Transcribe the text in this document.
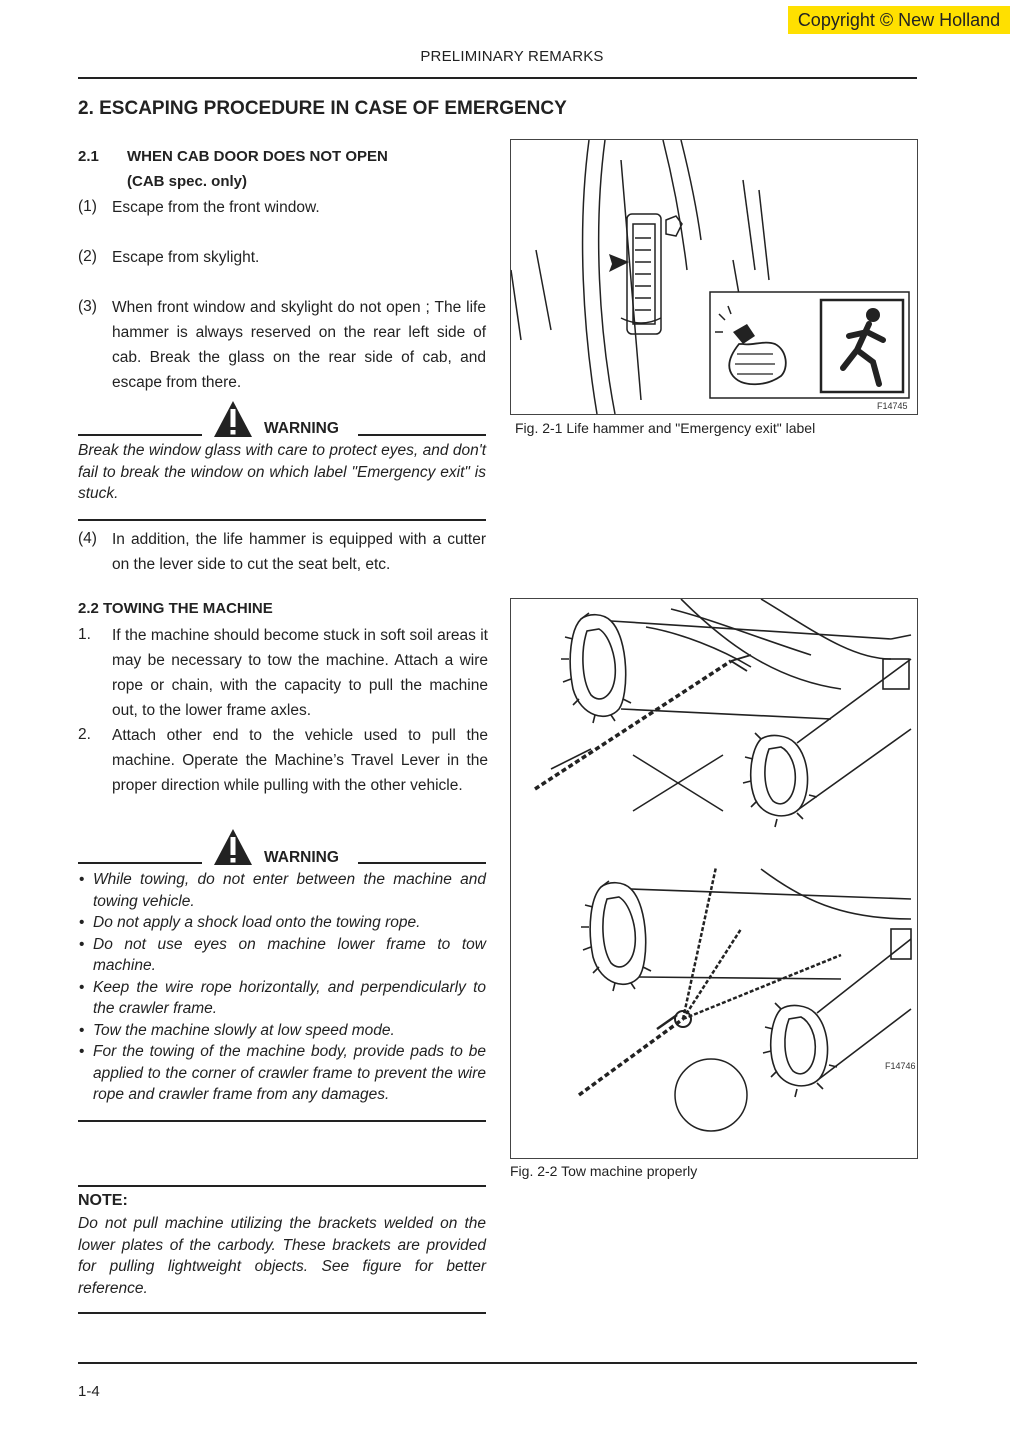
Copyright © New Holland
PRELIMINARY REMARKS
2. ESCAPING PROCEDURE IN CASE OF EMERGENCY
2.1 WHEN CAB DOOR DOES NOT OPEN
(CAB spec. only)
(1) Escape from the front window.
(2) Escape from skylight.
(3) When front window and skylight do not open ; The life hammer is always reserved on the rear left side of cab. Break the glass on the rear side of cab, and escape from there.
WARNING
Break the window glass with care to protect eyes, and don't fail to break the window on which label "Emergency exit" is stuck.
(4) In addition, the life hammer is equipped with a cutter on the lever side to cut the seat belt, etc.
2.2 TOWING THE MACHINE
1. If the machine should become stuck in soft soil areas it may be necessary to tow the machine. Attach a wire rope or chain, with the capacity to pull the machine out, to the lower frame axles.
2. Attach other end to the vehicle used to pull the machine. Operate the Machine’s Travel Lever in the proper direction while pulling with the other vehicle.
WARNING
• While towing, do not enter between the machine and towing vehicle.
• Do not apply a shock load onto the towing rope.
• Do not use eyes on machine lower frame to tow machine.
• Keep the wire rope horizontally, and perpendicularly to the crawler frame.
• Tow the machine slowly at low speed mode.
• For the towing of the machine body, provide pads to be applied to the corner of crawler frame to prevent the wire rope and crawler frame from any damages.
NOTE:
Do not pull machine utilizing the brackets welded on the lower plates of the carbody. These brackets are provided for pulling lightweight objects. See figure for better reference.
F14745
Fig. 2-1 Life hammer and "Emergency exit" label
F14746
Fig. 2-2 Tow machine properly
1-4
